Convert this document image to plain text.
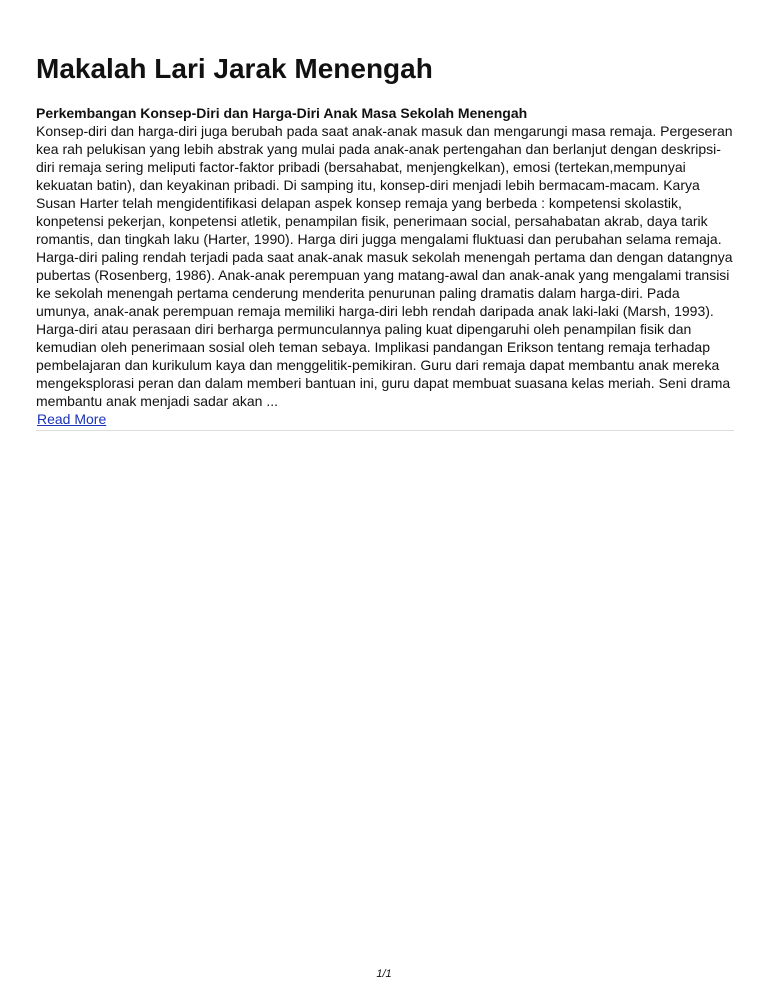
Makalah Lari Jarak Menengah
Perkembangan Konsep-Diri dan Harga-Diri Anak Masa Sekolah Menengah

Konsep-diri dan harga-diri juga berubah pada saat anak-anak masuk dan mengarungi masa remaja. Pergeseran kea rah pelukisan yang lebih abstrak yang mulai pada anak-anak pertengahan dan berlanjut dengan deskripsi-diri remaja sering meliputi factor-faktor pribadi (bersahabat, menjengkelkan), emosi (tertekan,mempunyai kekuatan batin), dan keyakinan pribadi. Di samping itu, konsep-diri menjadi lebih bermacam-macam. Karya Susan Harter telah mengidentifikasi delapan aspek konsep remaja yang berbeda : kompetensi skolastik, konpetensi pekerjan, konpetensi atletik, penampilan fisik, penerimaan social, persahabatan akrab, daya tarik romantis, dan tingkah laku (Harter, 1990). Harga diri jugga mengalami fluktuasi dan perubahan selama remaja. Harga-diri paling rendah terjadi pada saat anak-anak masuk sekolah menengah pertama dan dengan datangnya pubertas (Rosenberg, 1986). Anak-anak perempuan yang matang-awal dan anak-anak yang mengalami transisi ke sekolah menengah pertama cenderung menderita penurunan paling dramatis dalam harga-diri. Pada umunya, anak-anak perempuan remaja memiliki harga-diri lebh rendah daripada anak laki-laki (Marsh, 1993). Harga-diri atau perasaan diri berharga permunculannya paling kuat dipengaruhi oleh penampilan fisik dan kemudian oleh penerimaan sosial oleh teman sebaya. Implikasi pandangan Erikson tentang remaja terhadap pembelajaran dan kurikulum kaya dan menggelitik-pemikiran. Guru dari remaja dapat membantu anak mereka mengeksplorasi peran dan dalam memberi bantuan ini, guru dapat membuat suasana kelas meriah. Seni drama membantu anak menjadi sadar akan ...

Read More
1/1
